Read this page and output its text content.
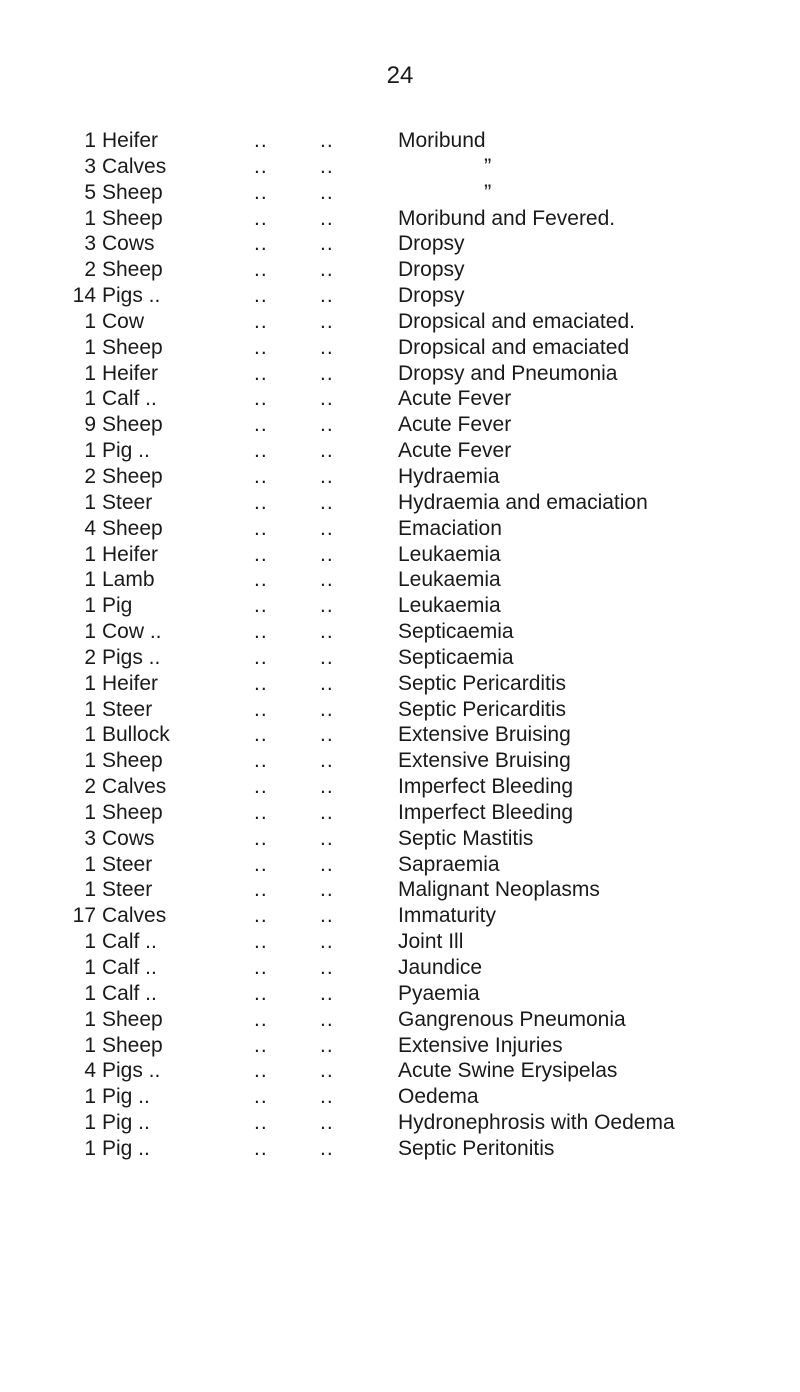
24
1 Heifer	.. ..	Moribund
3 Calves	.. ..	”
5 Sheep	.. ..	”
1 Sheep	.. ..	Moribund and Fevered.
3 Cows	.. ..	Dropsy
2 Sheep	.. ..	Dropsy
14 Pigs ..	.. ..	Dropsy
1 Cow	.. ..	Dropsical and emaciated.
1 Sheep	.. ..	Dropsical and emaciated
1 Heifer	.. ..	Dropsy and Pneumonia
1 Calf ..	.. ..	Acute Fever
9 Sheep	.. ..	Acute Fever
1 Pig ..	.. ..	Acute Fever
2 Sheep	.. ..	Hydraemia
1 Steer	.. ..	Hydraemia and emaciation
4 Sheep	.. ..	Emaciation
1 Heifer	.. ..	Leukaemia
1 Lamb	.. ..	Leukaemia
1 Pig	.. ..	Leukaemia
1 Cow ..	.. ..	Septicaemia
2 Pigs ..	.. ..	Septicaemia
1 Heifer	.. ..	Septic Pericarditis
1 Steer	.. ..	Septic Pericarditis
1 Bullock	.. ..	Extensive Bruising
1 Sheep	.. ..	Extensive Bruising
2 Calves	.. ..	Imperfect Bleeding
1 Sheep	.. ..	Imperfect Bleeding
3 Cows	.. ..	Septic Mastitis
1 Steer	.. ..	Sapraemia
1 Steer	.. ..	Malignant Neoplasms
17 Calves	.. ..	Immaturity
1 Calf ..	.. ..	Joint Ill
1 Calf ..	.. ..	Jaundice
1 Calf ..	.. ..	Pyaemia
1 Sheep	.. ..	Gangrenous Pneumonia
1 Sheep	.. ..	Extensive Injuries
4 Pigs ..	.. ..	Acute Swine Erysipelas
1 Pig ..	.. ..	Oedema
1 Pig ..	.. ..	Hydronephrosis with Oedema
1 Pig ..	.. ..	Septic Peritonitis
